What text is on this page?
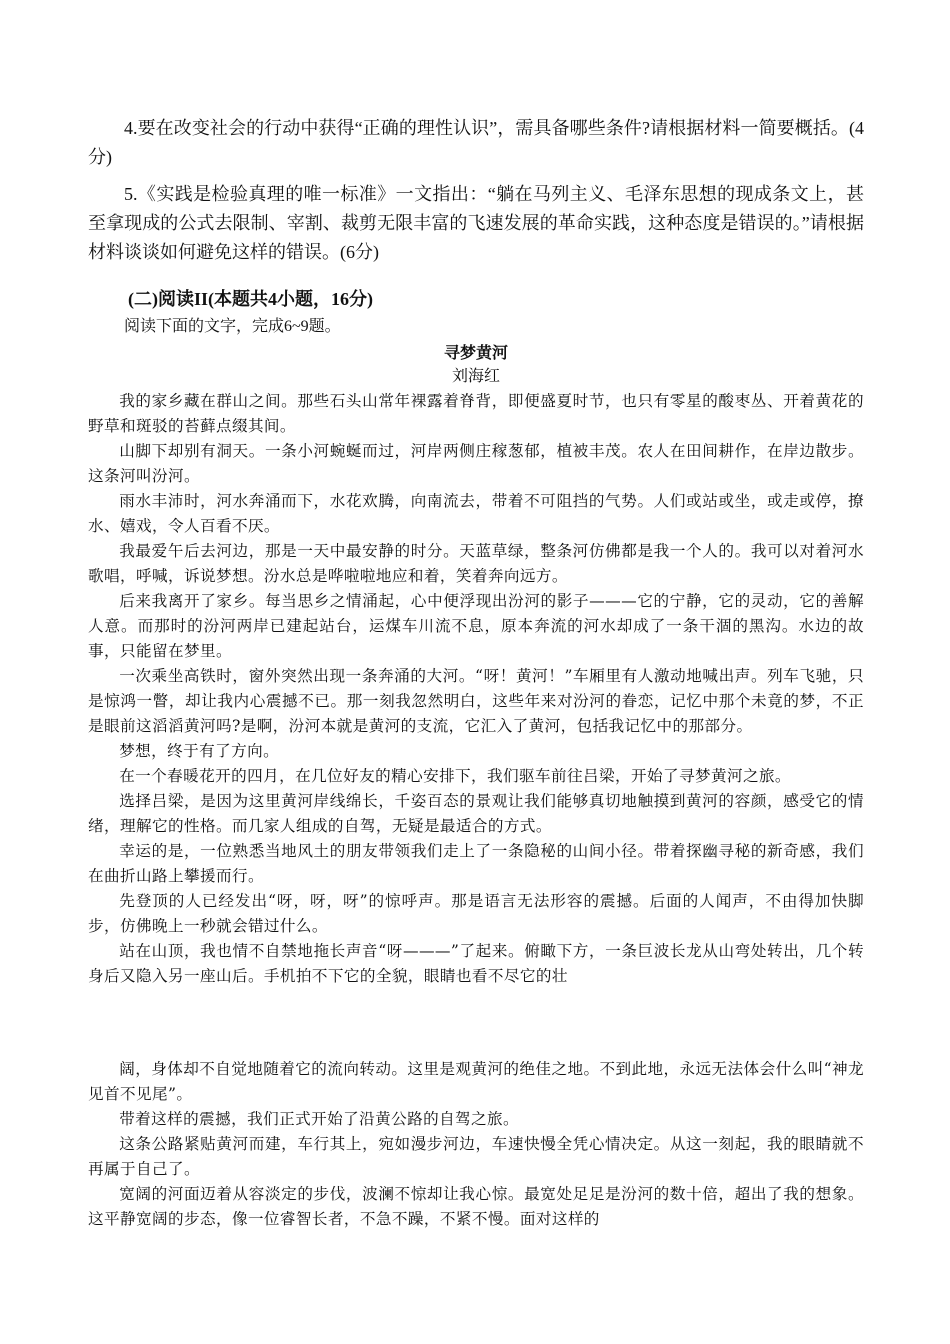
4.要在改变社会的行动中获得“正确的理性认识”，需具备哪些条件?请根据材料一简要概括。(4分)

5.《实践是检验真理的唯一标准》一文指出：“躺在马列主义、毛泽东思想的现成条文上，甚至拿现成的公式去限制、宰割、裁剪无限丰富的飞速发展的革命实践，这种态度是错误的。”请根据材料谈谈如何避免这样的错误。(6分)

(二)阅读II(本题共4小题，16分)

阅读下面的文字，完成6~9题。

寻梦黄河

刘海红

我的家乡藏在群山之间。那些石头山常年裸露着脊背，即便盛夏时节，也只有零星的酸枣丛、开着黄花的野草和斑驳的苔藓点缀其间。

山脚下却别有洞天。一条小河蜿蜒而过，河岸两侧庄稼葱郁，植被丰茂。农人在田间耕作，在岸边散步。这条河叫汾河。

雨水丰沛时，河水奔涌而下，水花欢腾，向南流去，带着不可阻挡的气势。人们或站或坐，或走或停，撩水、嬉戏，令人百看不厌。

我最爱午后去河边，那是一天中最安静的时分。天蓝草绿，整条河仿佛都是我一个人的。我可以对着河水歌唱，呼喊，诉说梦想。汾水总是哗啦啦地应和着，笑着奔向远方。

后来我离开了家乡。每当思乡之情涌起，心中便浮现出汾河的影子———它的宁静，它的灵动，它的善解人意。而那时的汾河两岸已建起站台，运煤车川流不息，原本奔流的河水却成了一条干涸的黑沟。水边的故事，只能留在梦里。

一次乘坐高铁时，窗外突然出现一条奔涌的大河。“呀！黄河！”车厢里有人激动地喊出声。列车飞驰，只是惊鸿一瞥，却让我内心震撼不已。那一刻我忽然明白，这些年来对汾河的眷恋，记忆中那个未竟的梦，不正是眼前这滔滔黄河吗?是啊，汾河本就是黄河的支流，它汇入了黄河，包括我记忆中的那部分。

梦想，终于有了方向。

在一个春暖花开的四月，在几位好友的精心安排下，我们驱车前往吕梁，开始了寻梦黄河之旅。

选择吕梁，是因为这里黄河岸线绵长，千姿百态的景观让我们能够真切地触摸到黄河的容颜，感受它的情绪，理解它的性格。而几家人组成的自驾，无疑是最适合的方式。

幸运的是，一位熟悉当地风土的朋友带领我们走上了一条隐秘的山间小径。带着探幽寻秘的新奇感，我们在曲折山路上攀援而行。

先登顶的人已经发出“呀，呀，呀”的惊呼声。那是语言无法形容的震撼。后面的人闻声，不由得加快脚步，仿佛晚上一秒就会错过什么。

站在山顶，我也情不自禁地拖长声音“呀———”了起来。俯瞰下方，一条巨波长龙从山弯处转出，几个转身后又隐入另一座山后。手机拍不下它的全貌，眼睛也看不尽它的壮

阔，身体却不自觉地随着它的流向转动。这里是观黄河的绝佳之地。不到此地，永远无法体会什么叫“神龙见首不见尾”。

带着这样的震撼，我们正式开始了沿黄公路的自驾之旅。

这条公路紧贴黄河而建，车行其上，宛如漫步河边，车速快慢全凭心情决定。从这一刻起，我的眼睛就不再属于自己了。

宽阔的河面迈着从容淡定的步伐，波澜不惊却让我心惊。最宽处足足是汾河的数十倍，超出了我的想象。这平静宽阔的步态，像一位睿智长者，不急不躁，不紧不慢。面对这样的
